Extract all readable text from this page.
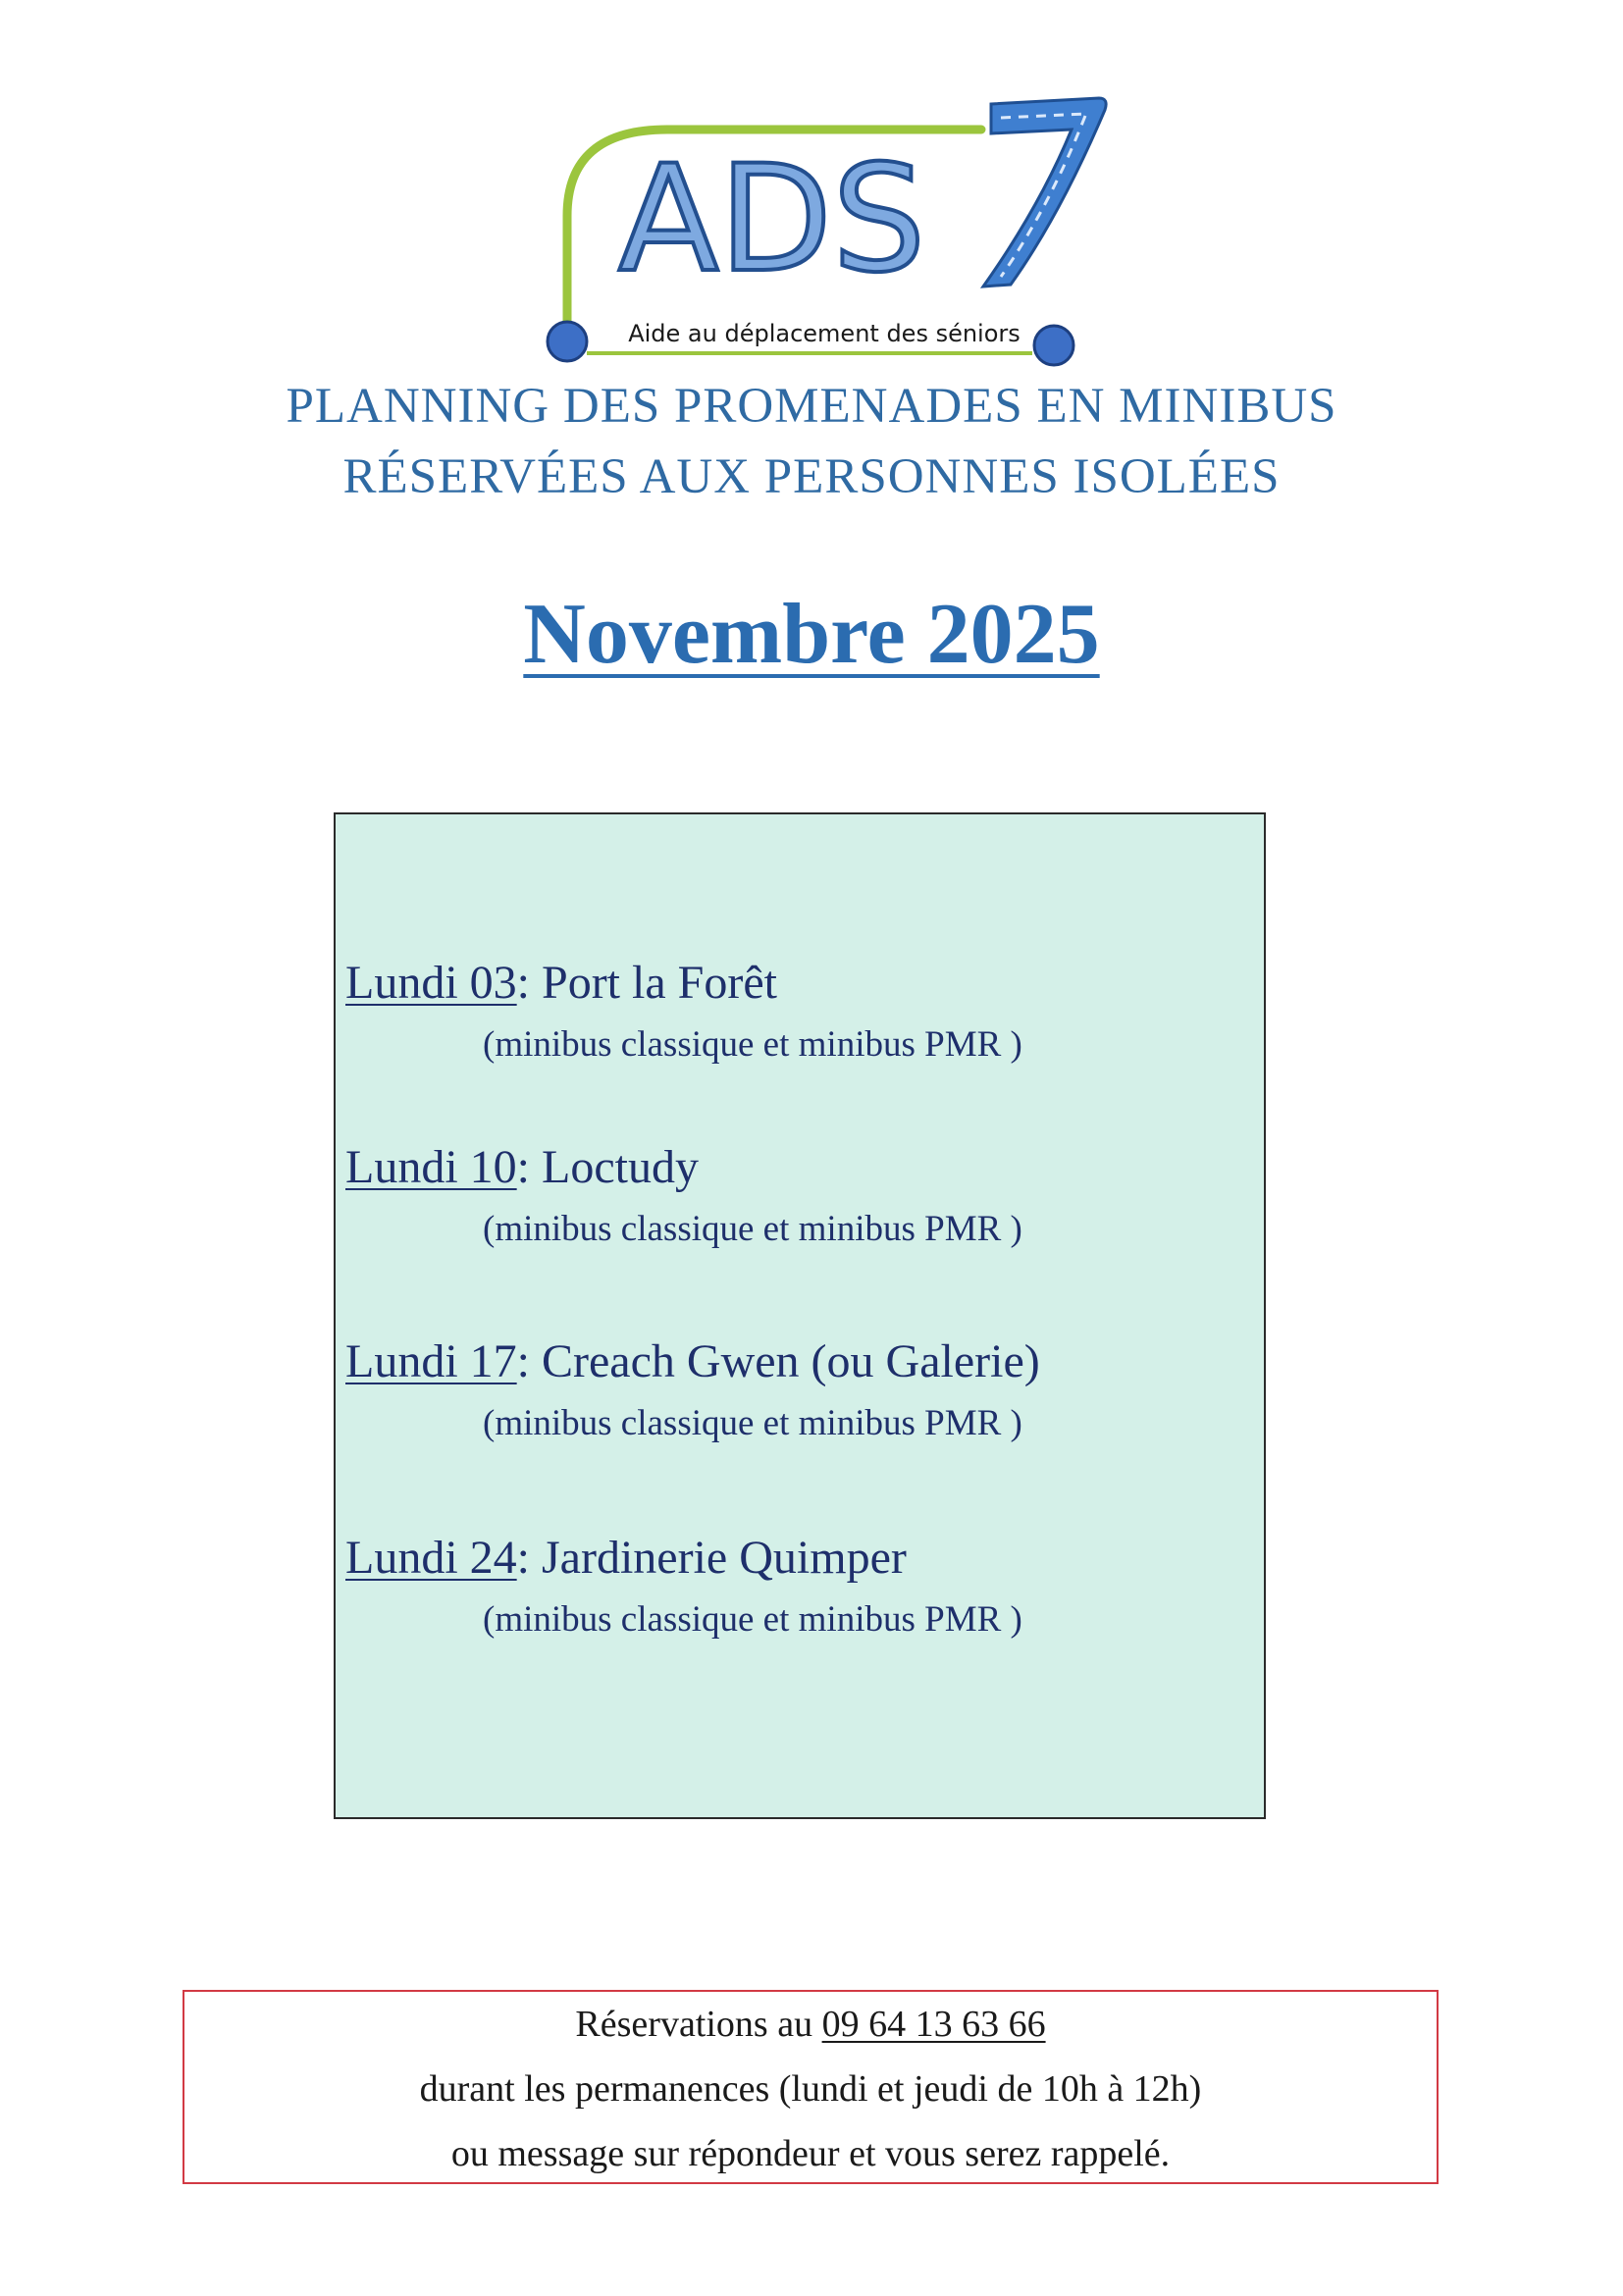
ADS
Aide au déplacement des séniors
PLANNING DES PROMENADES EN MINIBUS
RÉSERVÉES AUX PERSONNES ISOLÉES
Novembre 2025
Lundi 03: Port la Forêt
(minibus classique et minibus PMR )
Lundi 10: Loctudy
(minibus classique et minibus PMR )
Lundi 17: Creach Gwen (ou Galerie)
(minibus classique et minibus PMR )
Lundi 24: Jardinerie Quimper
(minibus classique et minibus PMR )
Réservations au 09 64 13 63 66
durant les permanences (lundi et jeudi de 10h à 12h)
ou message sur répondeur et vous serez rappelé.
